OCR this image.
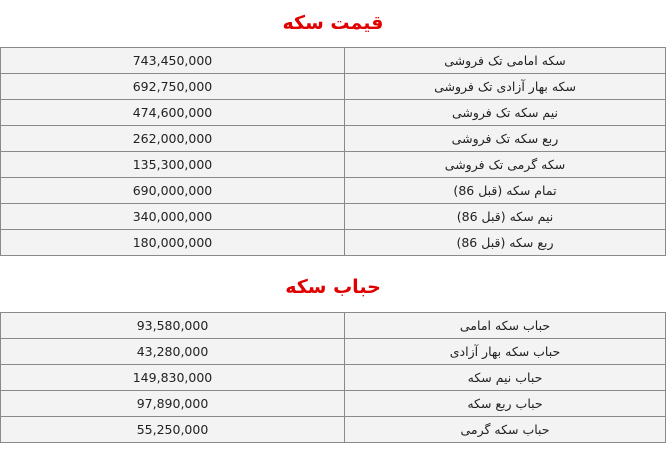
قیمت سکه
743,450,000	سکه امامی تک فروشی
692,750,000	سکه بهار آزادی تک فروشی
474,600,000	نیم سکه تک فروشی
262,000,000	ربع سکه تک فروشی
135,300,000	سکه گرمی تک فروشی
690,000,000	تمام سکه (قبل 86)
340,000,000	نیم سکه (قبل 86)
180,000,000	ربع سکه (قبل 86)
حباب سکه
93,580,000	حباب سکه امامی
43,280,000	حباب سکه بهار آزادی
149,830,000	حباب نیم سکه
97,890,000	حباب ربع سکه
55,250,000	حباب سکه گرمی
